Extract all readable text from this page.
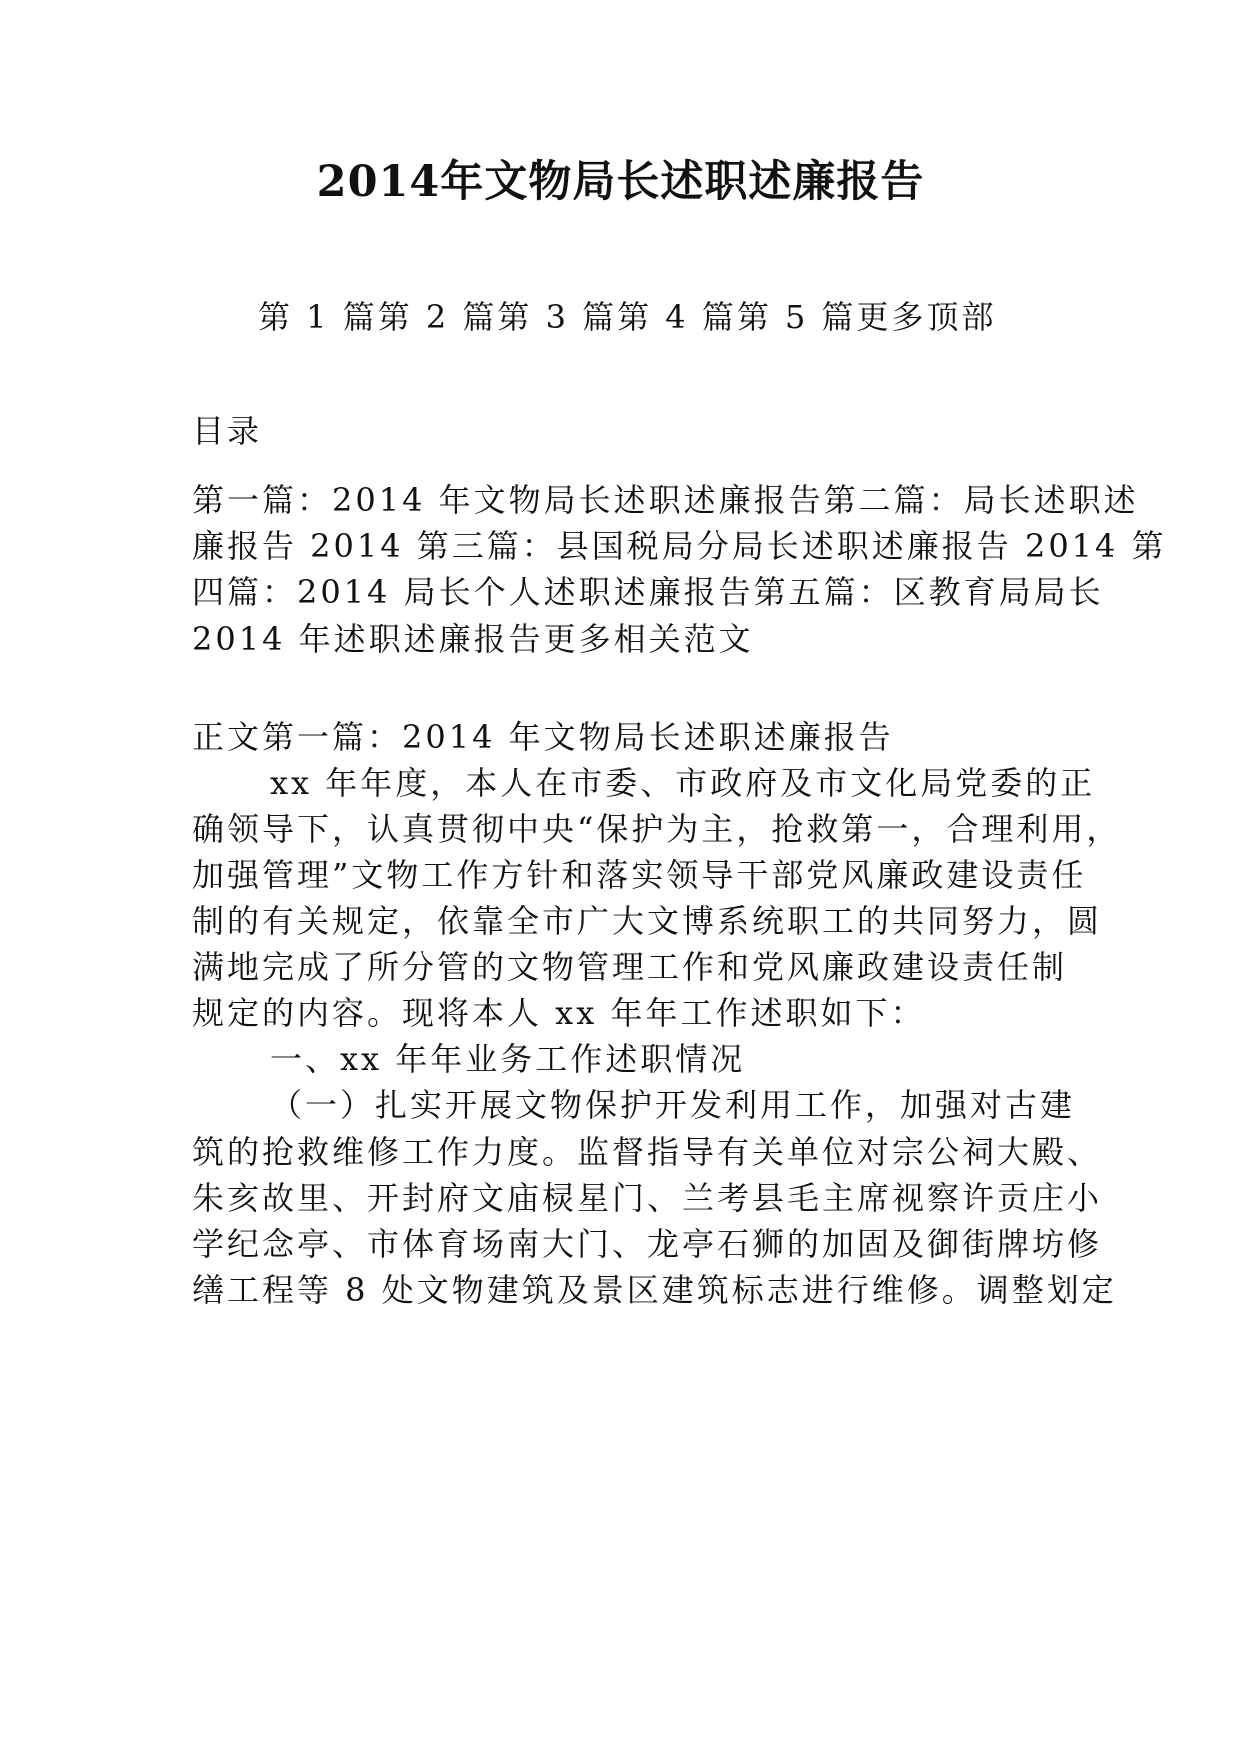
2014年文物局长述职述廉报告
第 1 篇第 2 篇第 3 篇第 4 篇第 5 篇更多顶部
目录
第一篇：2014 年文物局长述职述廉报告第二篇：局长述职述
廉报告 2014 第三篇：县国税局分局长述职述廉报告 2014 第
四篇：2014 局长个人述职述廉报告第五篇：区教育局局长
2014 年述职述廉报告更多相关范文
正文第一篇：2014 年文物局长述职述廉报告
xx 年年度，本人在市委、市政府及市文化局党委的正
确领导下，认真贯彻中央“保护为主，抢救第一，合理利用，
加强管理”文物工作方针和落实领导干部党风廉政建设责任
制的有关规定，依靠全市广大文博系统职工的共同努力，圆
满地完成了所分管的文物管理工作和党风廉政建设责任制
规定的内容。现将本人 xx 年年工作述职如下：
一、xx 年年业务工作述职情况
（一）扎实开展文物保护开发利用工作，加强对古建
筑的抢救维修工作力度。监督指导有关单位对宗公祠大殿、
朱亥故里、开封府文庙棂星门、兰考县毛主席视察许贡庄小
学纪念亭、市体育场南大门、龙亭石狮的加固及御街牌坊修
缮工程等 8 处文物建筑及景区建筑标志进行维修。调整划定
